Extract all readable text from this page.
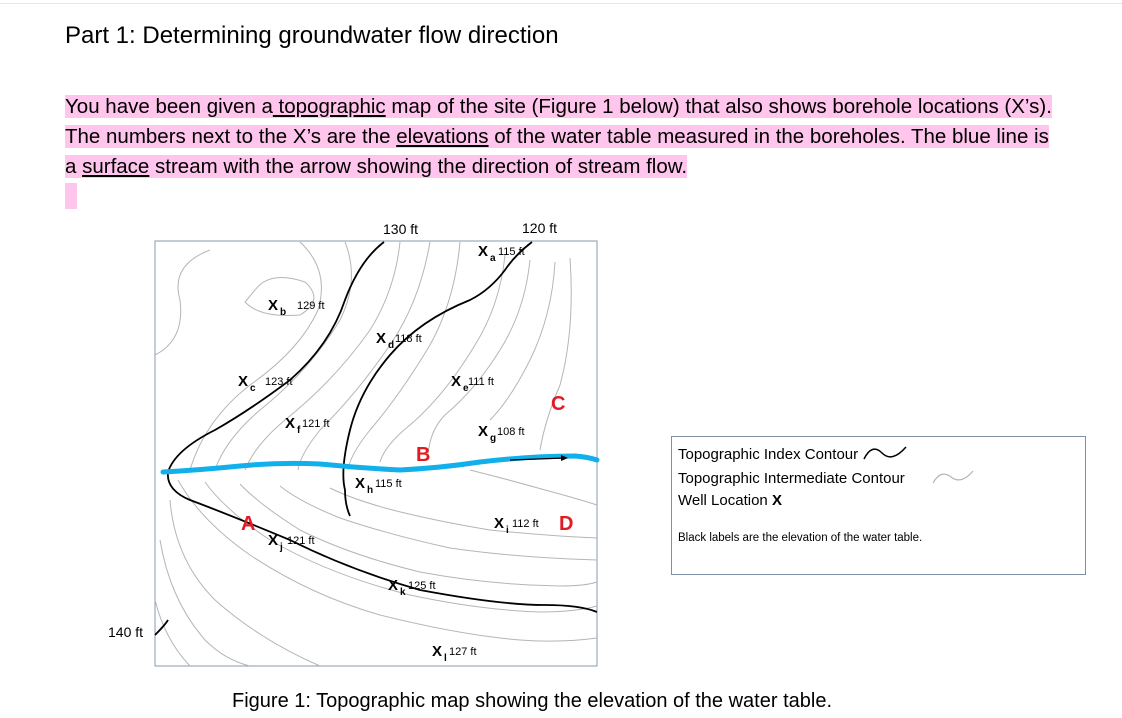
Part 1: Determining groundwater flow direction
You have been given a topographic map of the site (Figure 1 below) that also shows borehole locations (X’s). The numbers next to the X’s are the elevations of the water table measured in the boreholes. The blue line is a surface stream with the arrow showing the direction of stream flow.
130 ft	120 ft
140 ft
X a
115 ft
X b
129 ft
X c
123 ft
X d
118 ft
X e
111 ft
X f
121 ft	X g
108 ft
X h
115 ft
X i
112 ft
X j
121 ft
X k
125 ft
X l
127 ft
A
B
C
D
Topographic Index Contour
Topographic Intermediate Contour
Well Location X
Black labels are the elevation of the water table.
Figure 1: Topographic map showing the elevation of the water table.
